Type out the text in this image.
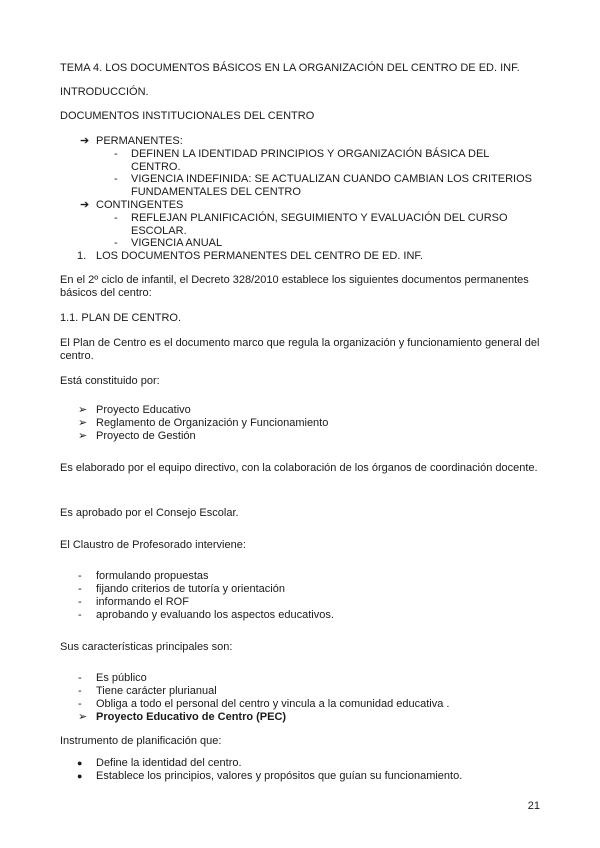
TEMA 4. LOS DOCUMENTOS BÁSICOS EN LA ORGANIZACIÓN DEL CENTRO DE ED. INF.

INTRODUCCIÓN.

DOCUMENTOS INSTITUCIONALES DEL CENTRO

➔ PERMANENTES:

-	DEFINEN LA IDENTIDAD PRINCIPIOS Y ORGANIZACIÓN BÁSICA DEL CENTRO.

-	VIGENCIA INDEFINIDA: SE ACTUALIZAN CUANDO CAMBIAN LOS CRITERIOS FUNDAMENTALES DEL CENTRO

➔ CONTINGENTES

-	REFLEJAN PLANIFICACIÓN, SEGUIMIENTO Y EVALUACIÓN DEL CURSO ESCOLAR.

-	VIGENCIA ANUAL

1. LOS DOCUMENTOS PERMANENTES DEL CENTRO DE ED. INF.

En el 2º ciclo de infantil, el Decreto 328/2010 establece los siguientes documentos permanentes básicos del centro:

1.1. PLAN DE CENTRO.

El Plan de Centro es el documento marco que regula la organización y funcionamiento general del centro.

Está constituido por:

➢ Proyecto Educativo

➢ Reglamento de Organización y Funcionamiento

➢ Proyecto de Gestión

Es elaborado por el equipo directivo, con la colaboración de los órganos de coordinación docente.

Es aprobado por el Consejo Escolar.

El Claustro de Profesorado interviene:

-	formulando propuestas

-	fijando criterios de tutoría y orientación

-	informando el ROF

-	aprobando y evaluando los aspectos educativos.

Sus características principales son:

-	Es público

-	Tiene carácter plurianual

-	Obliga a todo el personal del centro y vincula a la comunidad educativa .

➢ Proyecto Educativo de Centro (PEC)

Instrumento de planificación que:

●	Define la identidad del centro.

●	Establece los principios, valores y propósitos que guían su funcionamiento.

21
